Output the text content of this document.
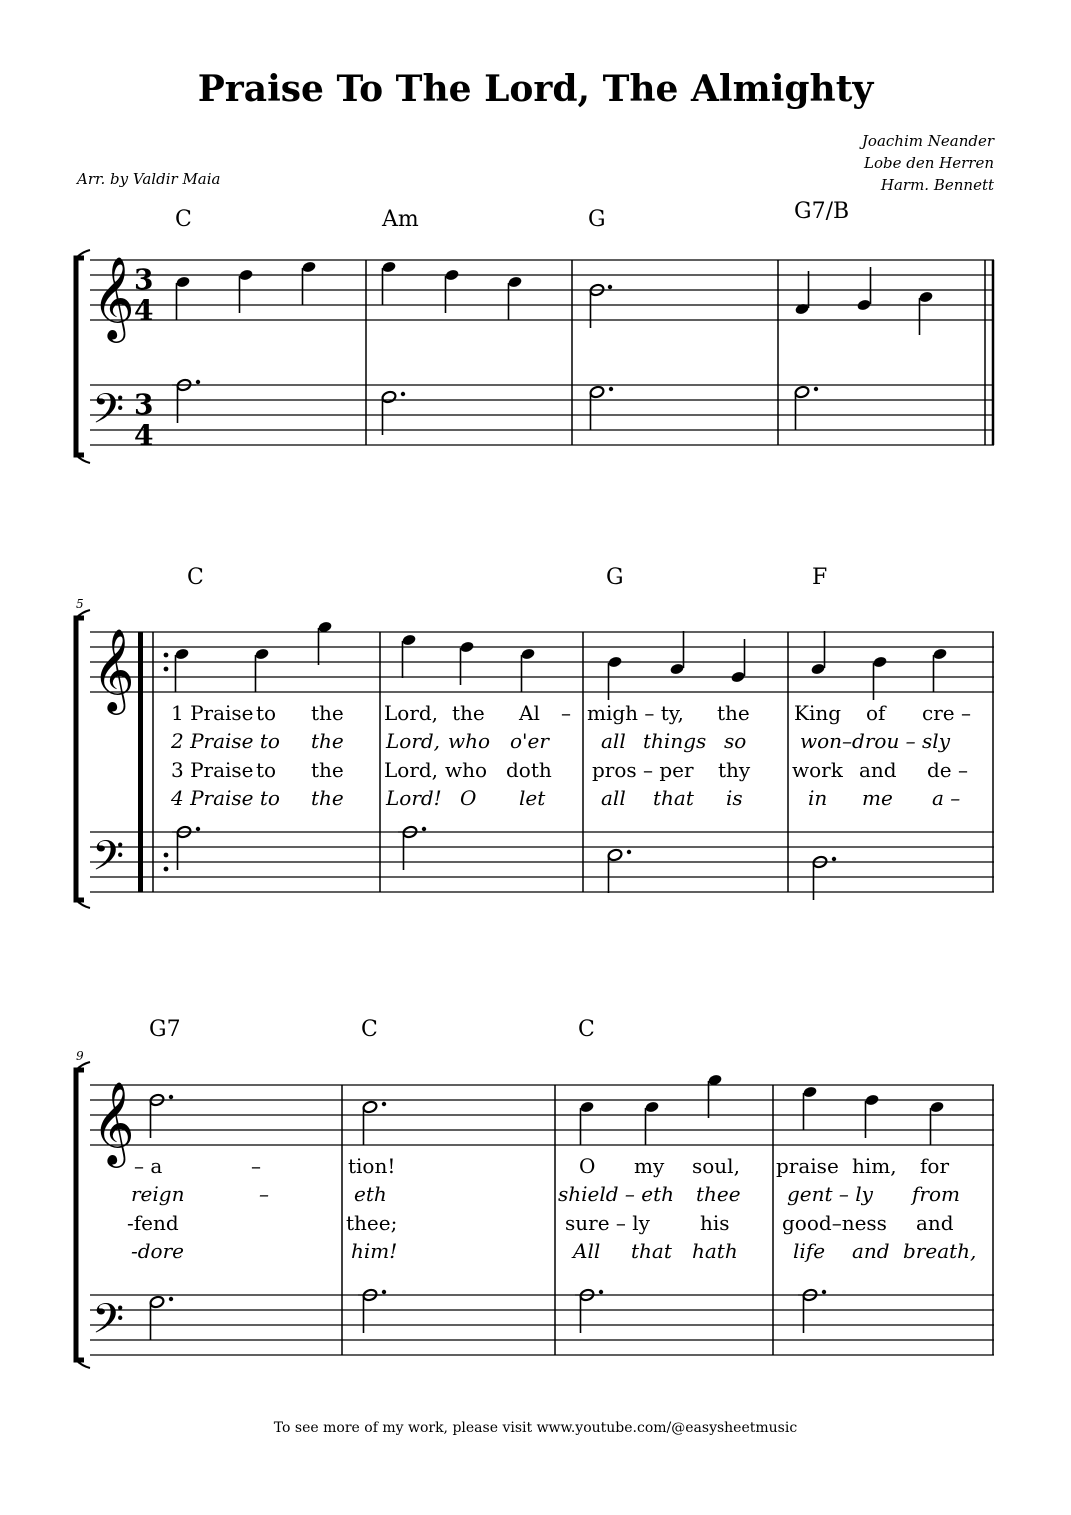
Praise To The Lord, The Almighty
Joachim Neander
Lobe den Herren
Harm. Bennett
Arr. by Valdir Maia
C	Am	G	G7/B
𝄞
𝄢
3
4
3
4
5
C	G	F
𝄞
𝄢
1 Praise to the Lord, the Al – migh – ty, the King of cre –
2 Praise to the Lord, who o'er	all things so	won–drou – sly
3 Praise to the Lord, who doth pros – per thy work and de –
4 Praise to the Lord! O let	all that is	in me a –
9
G7	C	C
𝄞
𝄢
– a	–	tion!	O my soul, praise him, for
reign	–	eth	shield – eth thee gent – ly from
-fend	thee;	sure – ly	his	good–ness and
-dore	him!	All that hath	life and breath,
To see more of my work, please visit www.youtube.com/@easysheetmusic
